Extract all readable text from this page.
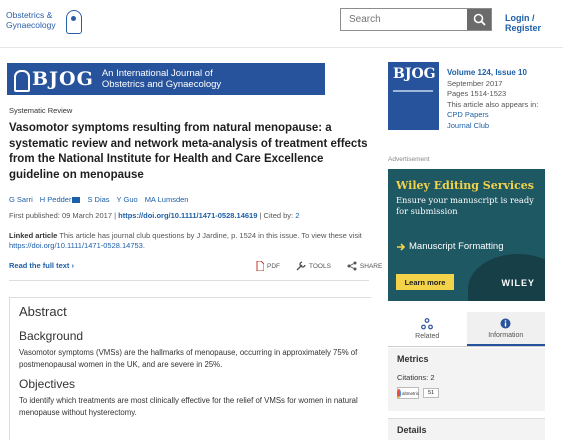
Obstetrics &
Gynaecology
Search
Login / Register
BJOG An International Journal of
Obstetrics and Gynaecology
Systematic Review
Vasomotor symptoms resulting from natural menopause: a systematic review and network meta-analysis of treatment effects from the National Institute for Health and Care Excellence guideline on menopause
G Sarri H Pedder	S Dias Y Guo MA Lumsden
First published: 09 March 2017 | https://doi.org/10.1111/1471-0528.14619 | Cited by: 2
Linked article This article has journal club questions by J Jardine, p. 1524 in this issue. To view these visit https://doi.org/10.1111/1471-0528.14753.
Read the full text ›	PDF	TOOLS	SHARE
Abstract
Background
Vasomotor symptoms (VMSs) are the hallmarks of menopause, occurring in approximately 75% of postmenopausal women in the UK, and are severe in 25%.
Objectives
To identify which treatments are most clinically effective for the relief of VMSs for women in natural menopause without hysterectomy.
BJOG	Volume 124, Issue 10
September 2017
Pages 1514-1523
This article also appears in:
CPD Papers
Journal Club
Advertisement
Wiley Editing Services
Ensure your manuscript is ready for submission
Manuscript Formatting
Learn more	WILEY
Related	Information
Metrics
Citations: 2
altmetric	51
Details
